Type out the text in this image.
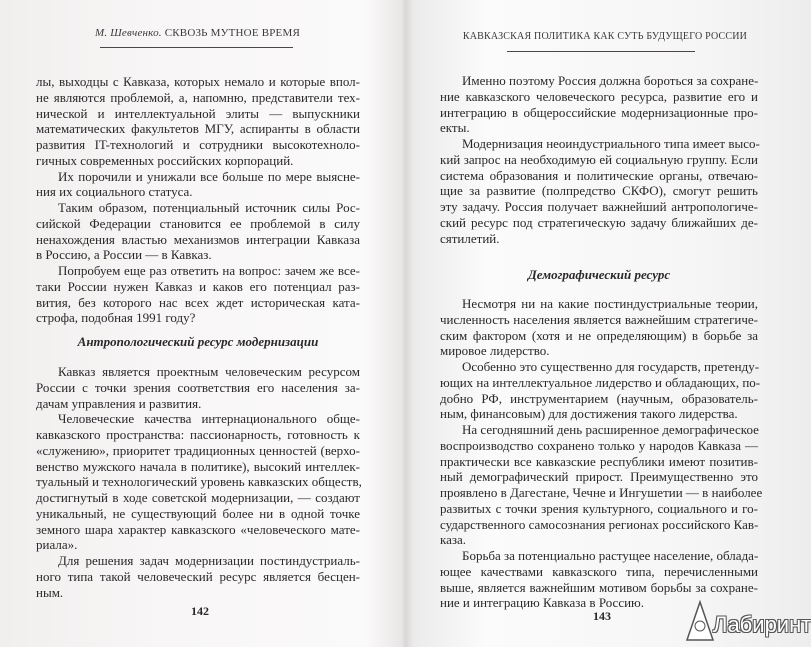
М. Шевченко. СКВОЗЬ МУТНОЕ ВРЕМЯ
лы, выходцы с Кавказа, которых немало и которые впол-
не являются проблемой, а, напомню, представители тех-
нической и интеллектуальной элиты — выпускники
математических факультетов МГУ, аспиранты в области
развития IT-технологий и сотрудники высокотехноло-
гичных современных российских корпораций.
Их порочили и унижали все больше по мере выясне-
ния их социального статуса.
Таким образом, потенциальный источник силы Рос-
сийской Федерации становится ее проблемой в силу
ненахождения властью механизмов интеграции Кавказа
в Россию, а России — в Кавказ.
Попробуем еще раз ответить на вопрос: зачем же все-
таки России нужен Кавказ и каков его потенциал раз-
вития, без которого нас всех ждет историческая ката-
строфа, подобная 1991 году?
Антропологический ресурс модернизации
Кавказ является проектным человеческим ресурсом
России с точки зрения соответствия его населения за-
дачам управления и развития.
Человеческие качества интернационального обще-
кавказского пространства: пассионарность, готовность к
«служению», приоритет традиционных ценностей (верхо-
венство мужского начала в политике), высокий интеллек-
туальный и технологический уровень кавказских обществ,
достигнутый в ходе советской модернизации, — создают
уникальный, не существующий более ни в одной точке
земного шара характер кавказского «человеческого мате-
риала».
Для решения задач модернизации постиндустриаль-
ного типа такой человеческий ресурс является бесцен-
ным.
142
КАВКАЗСКАЯ ПОЛИТИКА КАК СУТЬ БУДУЩЕГО РОССИИ
Именно поэтому Россия должна бороться за сохране-
ние кавказского человеческого ресурса, развитие его и
интеграцию в общероссийские модернизационные про-
екты.
Модернизация неоиндустриального типа имеет высо-
кий запрос на необходимую ей социальную группу. Если
система образования и политические органы, отвечаю-
щие за развитие (полпредство СКФО), смогут решить
эту задачу. Россия получает важнейший антропологиче-
ский ресурс под стратегическую задачу ближайших де-
сятилетий.
Демографический ресурс
Несмотря ни на какие постиндустриальные теории,
численность населения является важнейшим стратегиче-
ским фактором (хотя и не определяющим) в борьбе за
мировое лидерство.
Особенно это существенно для государств, претенду-
ющих на интеллектуальное лидерство и обладающих, по-
добно РФ, инструментарием (научным, образователь-
ным, финансовым) для достижения такого лидерства.
На сегодняшний день расширенное демографическое
воспроизводство сохранено только у народов Кавказа —
практически все кавказские республики имеют позитив-
ный демографический прирост. Преимущественно это
проявлено в Дагестане, Чечне и Ингушетии — в наиболее
развитых с точки зрения культурного, социального и го-
сударственного самосознания регионах российского Кав-
каза.
Борьба за потенциально растущее население, облада-
ющее качествами кавказского типа, перечисленными
выше, является важнейшим мотивом борьбы за сохране-
ние и интеграцию Кавказа в Россию.
143	Лабиринт
